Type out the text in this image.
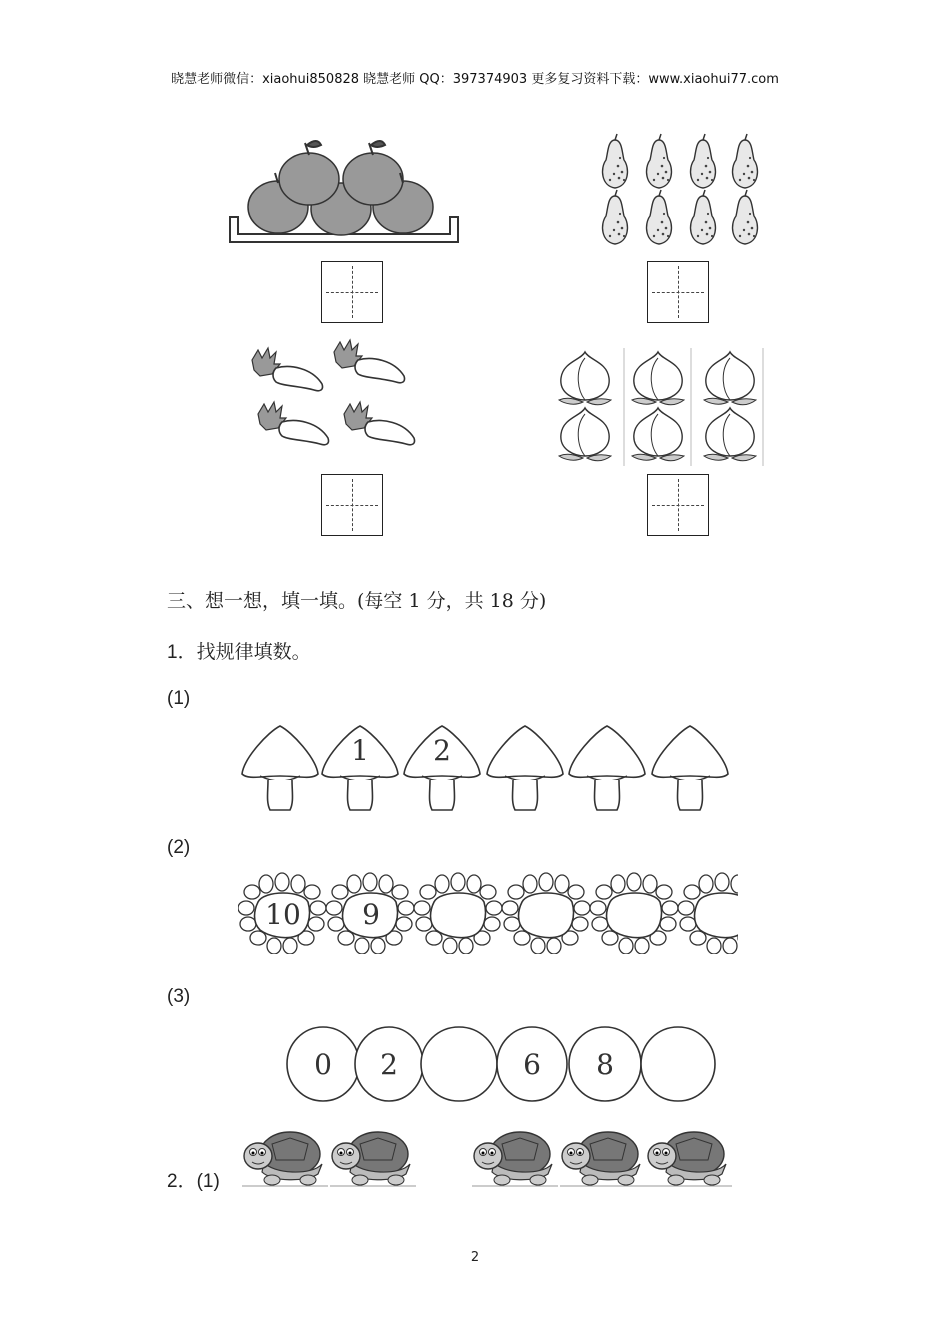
晓慧老师微信：xiaohui850828 晓慧老师 QQ：397374903 更多复习资料下载：www.xiaohui77.com
三、想一想，填一填。(每空 1 分，共 18 分)
1．找规律填数。
(1)
1 2
(2)
10 9
(3)
0 2	6 8
2．(1)
2
